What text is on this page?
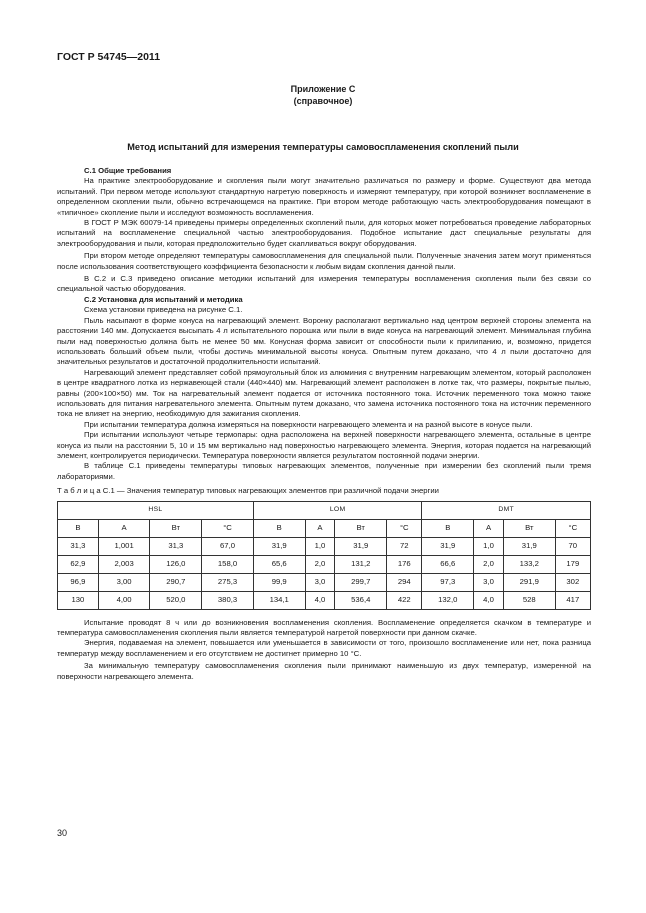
ГОСТ Р 54745—2011
Приложение С
(справочное)
Метод испытаний для измерения температуры самовоспламенения скоплений пыли
С.1 Общие требования

На практике электрооборудование и скопления пыли могут значительно различаться по размеру и форме. Существуют два метода испытаний. При первом методе используют стандартную нагретую поверхность и измеряют температуру, при которой возникнет воспламенение в определенном скоплении пыли, обычно встречающемся на практике. При втором методе работающую часть электрооборудования помещают в «типичное» скопление пыли и исследуют возможность воспламенения.

В ГОСТ Р МЭК 60079-14 приведены примеры определенных скоплений пыли, для которых может потребоваться проведение лабораторных испытаний на воспламенение специальной частью электрооборудования. Подобное испытание даст специальные результаты для электрооборудования и пыли, которая предположительно будет скапливаться вокруг оборудования.

При втором методе определяют температуры самовоспламенения для специальной пыли. Полученные значения затем могут применяться после использования соответствующего коэффициента безопасности к любым видам скопления данной пыли.

В С.2 и С.3 приведено описание методики испытаний для измерения температуры воспламенения скопления пыли без связи со специальной частью оборудования.

С.2 Установка для испытаний и методика

Схема установки приведена на рисунке С.1.

Пыль насыпают в форме конуса на нагревающий элемент. Воронку располагают вертикально над центром верхней стороны элемента на расстоянии 140 мм. Допускается высыпать 4 л испытательного порошка или пыли в виде конуса на нагревающий элемент. Минимальная глубина пыли над поверхностью должна быть не менее 50 мм. Конусная форма зависит от способности пыли к прилипанию, и, возможно, придется использовать больший объем пыли, чтобы достичь минимальной высоты конуса. Опытным путем доказано, что 4 л пыли достаточно для значительных результатов и достаточной продолжительности испытаний.

Нагревающий элемент представляет собой прямоугольный блок из алюминия с внутренним нагревающим элементом, который расположен в центре квадратного лотка из нержавеющей стали (440×440) мм. Нагревающий элемент расположен в лотке так, что размеры, покрытые пылью, равны (200×100×50) мм. Ток на нагревательный элемент подается от источника постоянного тока. Источник переменного тока можно также использовать для питания нагревательного элемента. Опытным путем доказано, что замена источника постоянного тока на источник переменного тока не влияет на энергию, необходимую для зажигания скопления.

При испытании температура должна измеряться на поверхности нагревающего элемента и на разной высоте в конусе пыли.

При испытании используют четыре термопары: одна расположена на верхней поверхности нагревающего элемента, остальные в центре конуса из пыли на расстоянии 5, 10 и 15 мм вертикально над поверхностью нагревающего элемента. Энергия, которая подается на нагревающий элемент, контролируется периодически. Температура поверхности является результатом постоянной подачи энергии.

В таблице С.1 приведены температуры типовых нагревающих элементов, полученные при измерении без скоплений пыли тремя лабораториями.

Т а б л и ц а С.1 — Значения температур типовых нагревающих элементов при различной подачи энергии
HSL				LOM				DMT			
В	А	Вт	°С	В	А	Вт	°С	В	А	Вт	°С
31,3	1,001	31,3	67,0	31,9	1,0	31,9	72	31,9	1,0	31,9	70
62,9	2,003	126,0	158,0	65,6	2,0	131,2	176	66,6	2,0	133,2	179
96,9	3,00	290,7	275,3	99,9	3,0	299,7	294	97,3	3,0	291,9	302
130	4,00	520,0	380,3	134,1	4,0	536,4	422	132,0	4,0	528	417

Испытание проводят 8 ч или до возникновения воспламенения скопления. Воспламенение определяется скачком в температуре и температура самовоспламенения скопления пыли является температурой нагретой поверхности при данном скачке.

Энергия, подаваемая на элемент, повышается или уменьшается в зависимости от того, произошло воспламенение или нет, пока разница температур между воспламенением и его отсутствием не достигнет примерно 10 °С.

За минимальную температуру самовоспламенения скопления пыли принимают наименьшую из двух температур, измеренной на поверхности нагревающего элемента.

30
